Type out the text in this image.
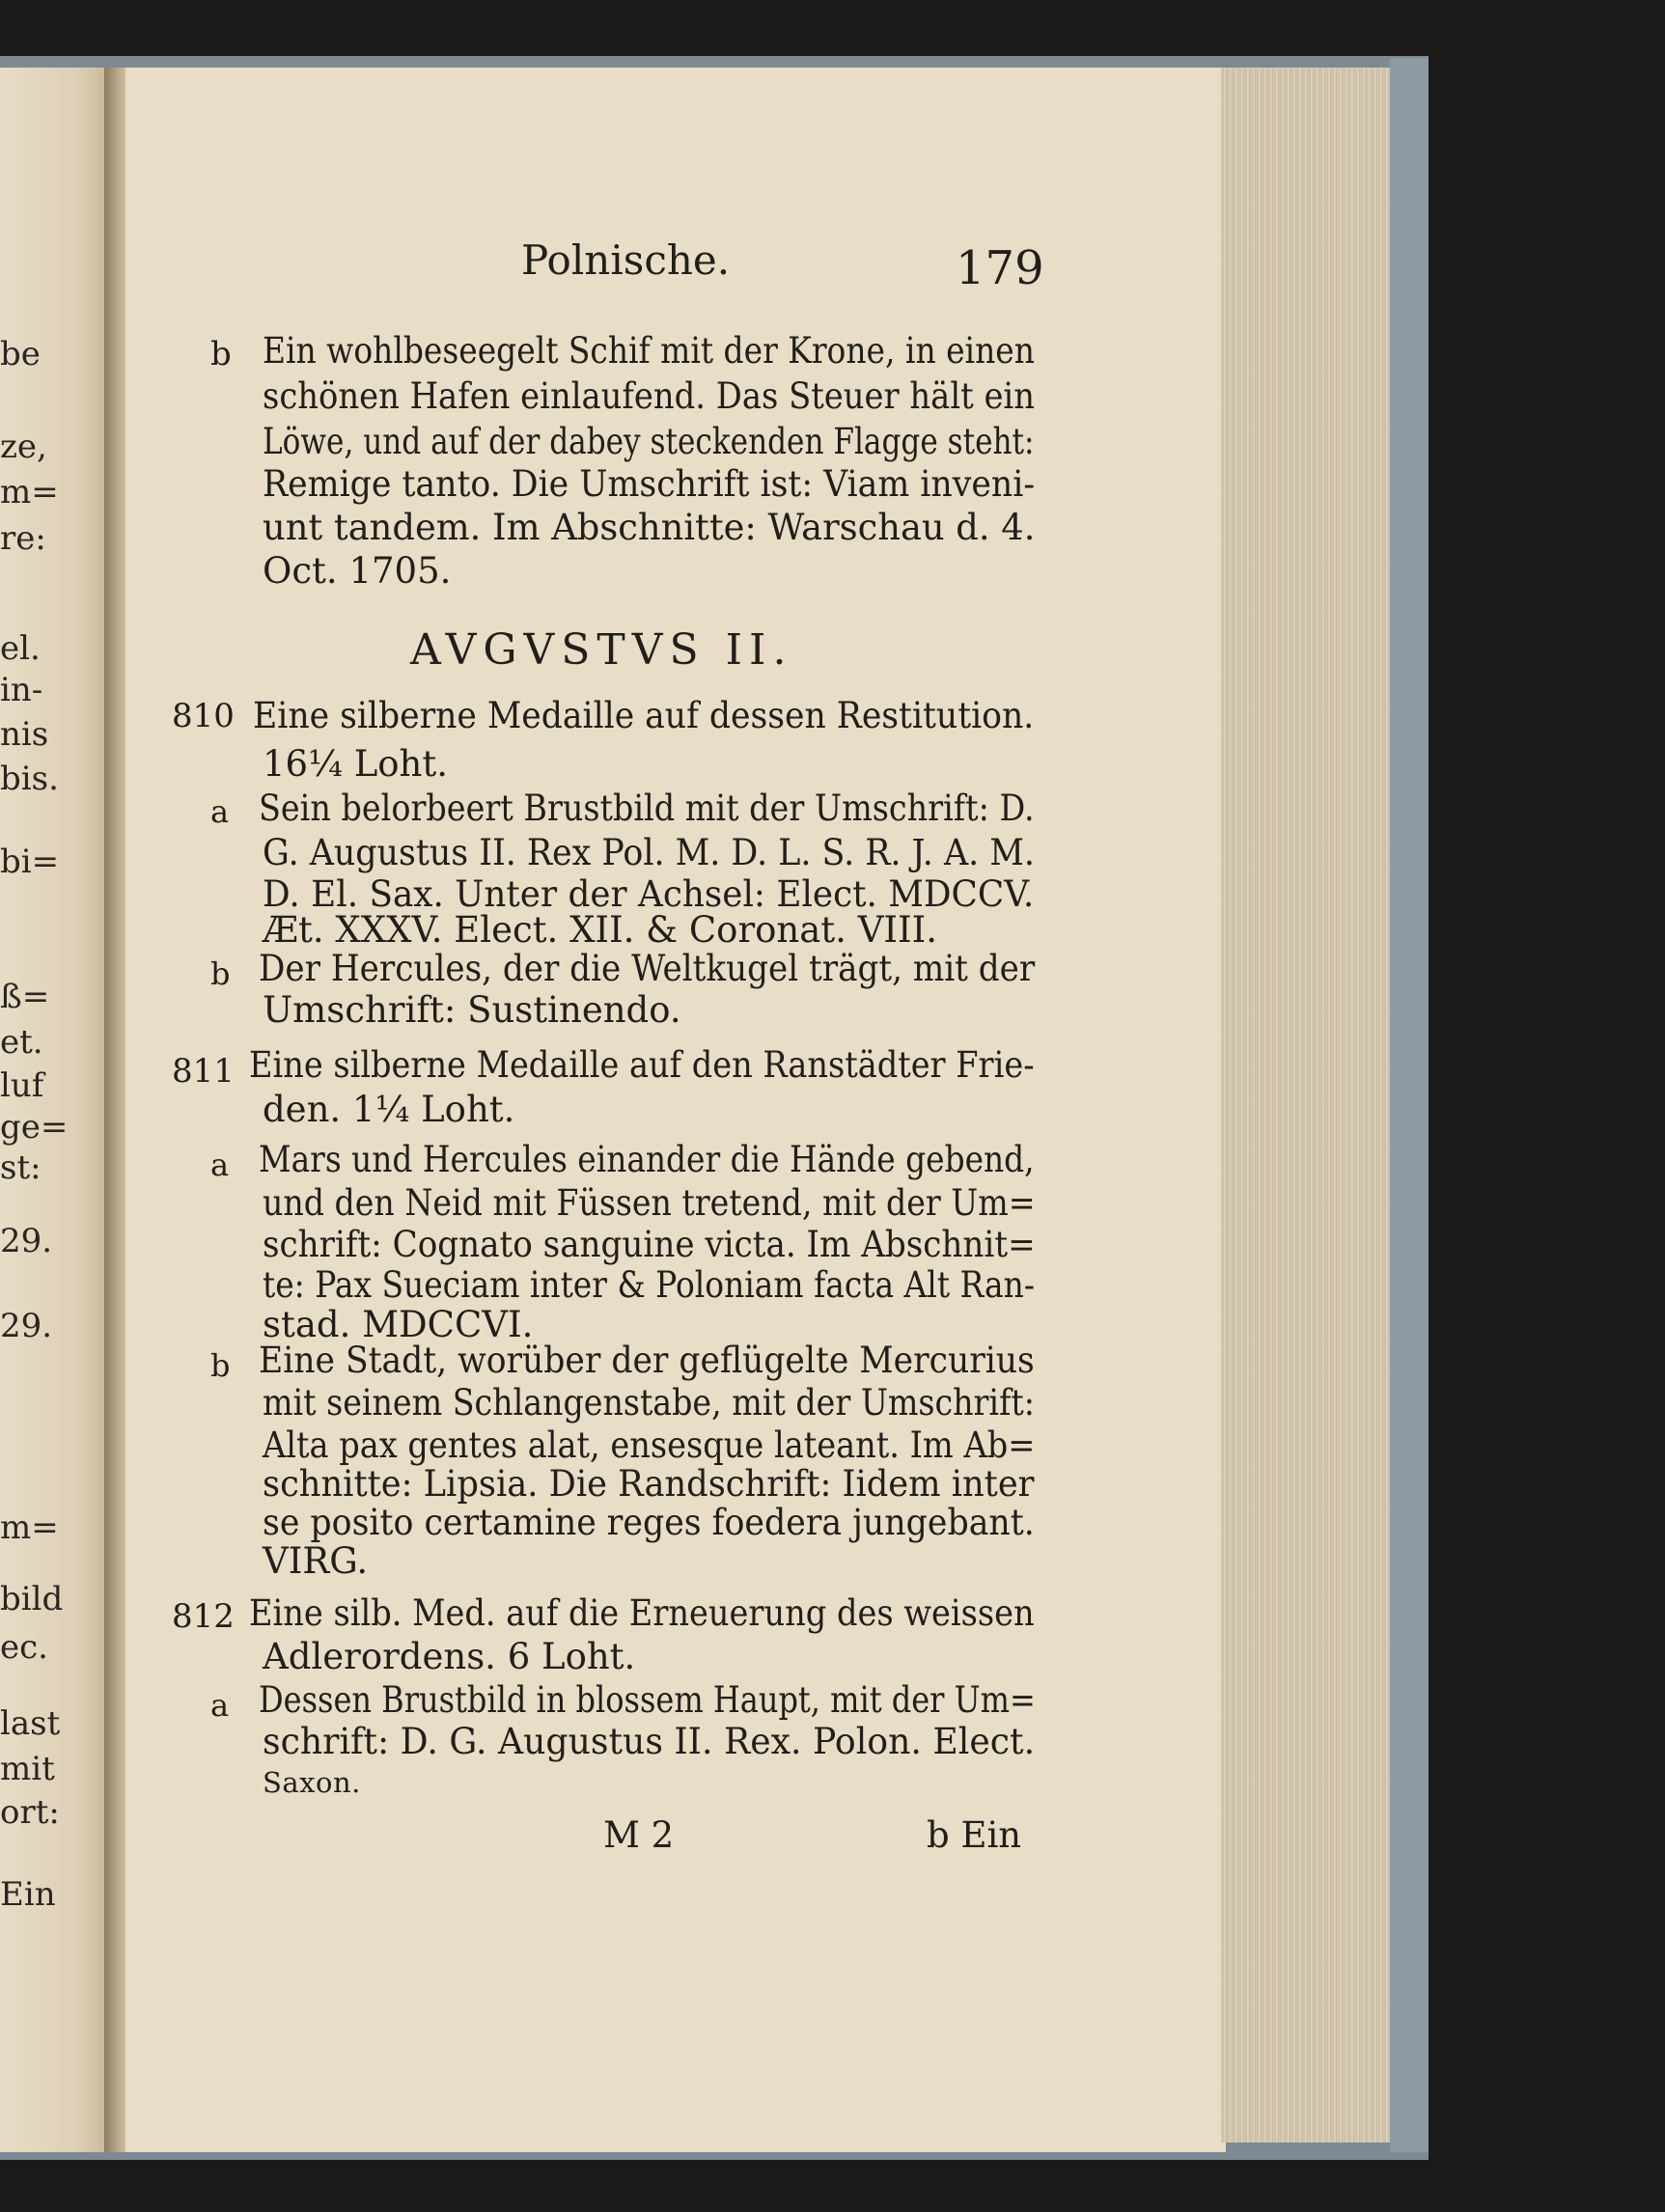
be
ze,
m=
re:
el.
in-
nis
bis.
bi=
ß=
et.
luf
ge=
st:
29.
29.
m=
bild
ec.
last
mit
ort:
Ein
Polnische.	179
b Ein wohlbeseegelt Schif mit der Krone, in einen
schönen Hafen einlaufend. Das Steuer hält ein
Löwe, und auf der dabey steckenden Flagge steht:
Remige tanto. Die Umschrift ist: Viam inveni-
unt tandem. Im Abschnitte: Warschau d. 4.
Oct. 1705.
AVGVSTVS II.
810 Eine silberne Medaille auf dessen Restitution.
16¼ Loht.
a Sein belorbeert Brustbild mit der Umschrift: D.
G. Augustus II. Rex Pol. M. D. L. S. R. J. A. M.
D. El. Sax. Unter der Achsel: Elect. MDCCV.
Æt. XXXV. Elect. XII. & Coronat. VIII.
b Der Hercules, der die Weltkugel trägt, mit der
Umschrift: Sustinendo.
811 Eine silberne Medaille auf den Ranstädter Frie-
den. 1¼ Loht.
a Mars und Hercules einander die Hände gebend,
und den Neid mit Füssen tretend, mit der Um=
schrift: Cognato sanguine victa. Im Abschnit=
te: Pax Sueciam inter & Poloniam facta Alt Ran-
stad. MDCCVI.
b Eine Stadt, worüber der geflügelte Mercurius
mit seinem Schlangenstabe, mit der Umschrift:
Alta pax gentes alat, ensesque lateant. Im Ab=
schnitte: Lipsia. Die Randschrift: Iidem inter
se posito certamine reges foedera jungebant.
VIRG.
812 Eine silb. Med. auf die Erneuerung des weissen
Adlerordens. 6 Loht.
a Dessen Brustbild in blossem Haupt, mit der Um=
schrift: D. G. Augustus II. Rex. Polon. Elect.
Saxon.
M 2	b Ein
